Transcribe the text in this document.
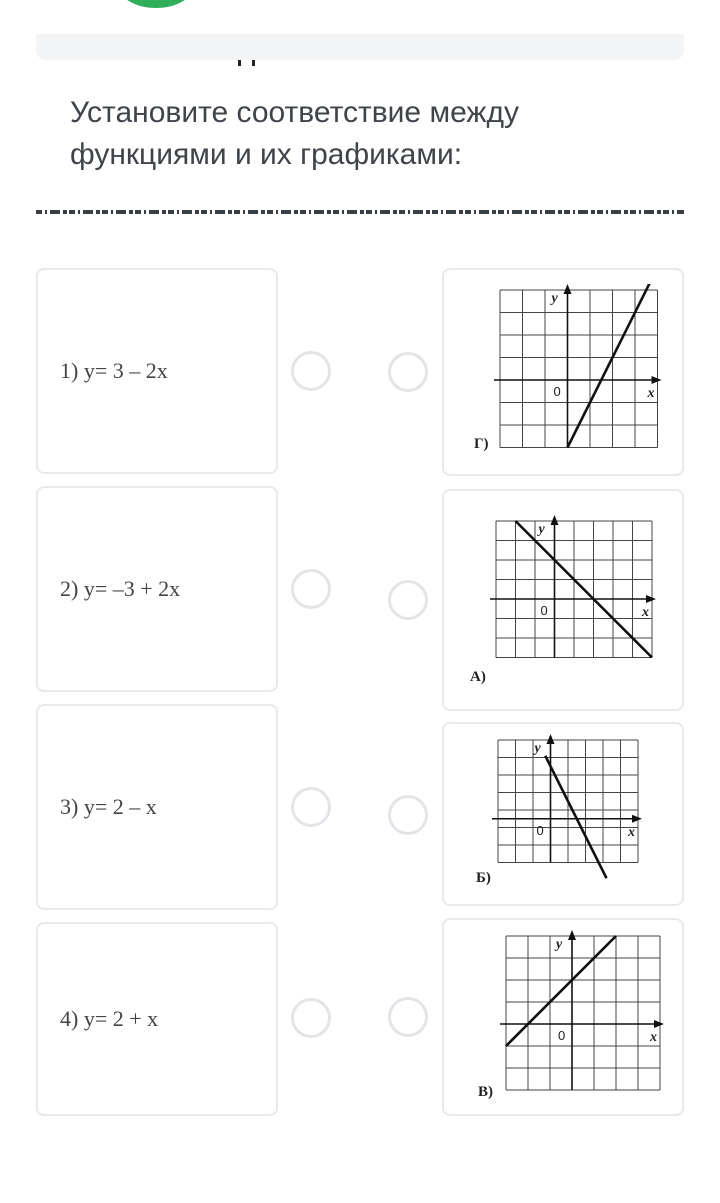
Установите соответствие между функциями и их графиками:
1) y= 3 – 2x
2) y= –3 + 2x
3) y= 2 – x
4) y= 2 + x
x
y
0
Г)
x
y
0
А)
x
y
0
Б)
x
y
0
В)
